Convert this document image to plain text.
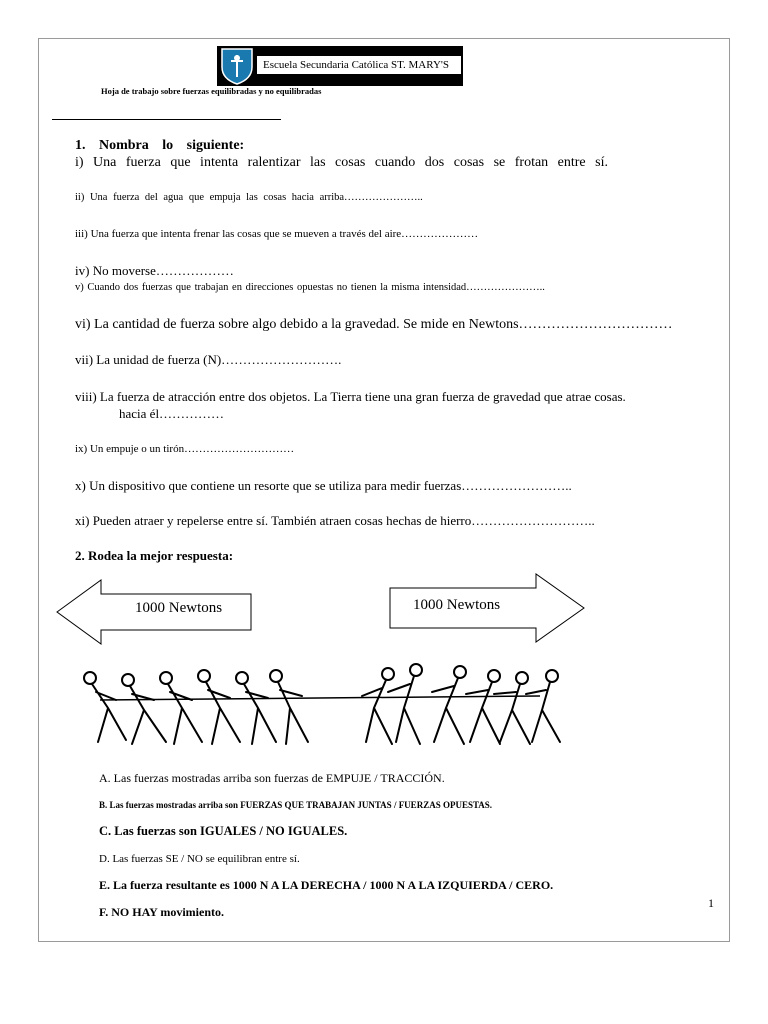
Escuela Secundaria Católica ST. MARY'S
Hoja de trabajo sobre fuerzas equilibradas y no equilibradas
1. Nombra lo siguiente:
i) Una fuerza que intenta ralentizar las cosas cuando dos cosas se frotan entre sí.
ii) Una fuerza del agua que empuja las cosas hacia arriba…………………..
iii) Una fuerza que intenta frenar las cosas que se mueven a través del aire…………………
iv) No moverse………………
v) Cuando dos fuerzas que trabajan en direcciones opuestas no tienen la misma intensidad…………………..
vi) La cantidad de fuerza sobre algo debido a la gravedad. Se mide en Newtons……………………………
vii) La unidad de fuerza (N)……………………….
viii) La fuerza de atracción entre dos objetos. La Tierra tiene una gran fuerza de gravedad que atrae cosas.
hacia él……………
ix) Un empuje o un tirón…………………………
x) Un dispositivo que contiene un resorte que se utiliza para medir fuerzas……………………..
xi) Pueden atraer y repelerse entre sí. También atraen cosas hechas de hierro………………………..
2. Rodea la mejor respuesta:
1000 Newtons	1000 Newtons
A. Las fuerzas mostradas arriba son fuerzas de EMPUJE / TRACCIÓN.
B. Las fuerzas mostradas arriba son FUERZAS QUE TRABAJAN JUNTAS / FUERZAS OPUESTAS.
C. Las fuerzas son IGUALES / NO IGUALES.
D. Las fuerzas SE / NO se equilibran entre sí.
E. La fuerza resultante es 1000 N A LA DERECHA / 1000 N A LA IZQUIERDA / CERO.
F. NO HAY movimiento.
1
